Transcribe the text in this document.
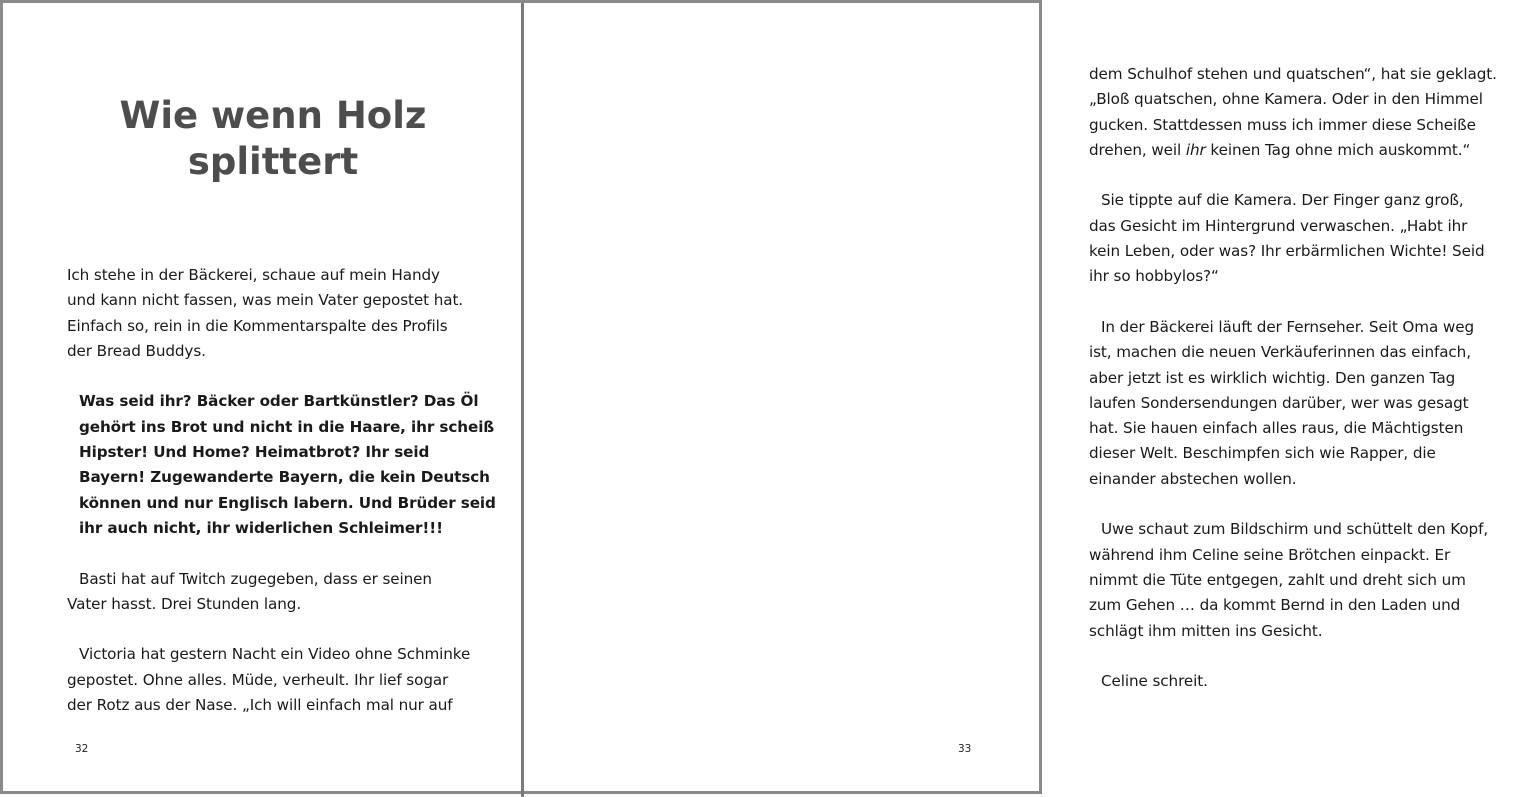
Wie wenn Holz
splittert

Ich stehe in der Bäckerei, schaue auf mein Handy

und kann nicht fassen, was mein Vater gepostet hat.

Einfach so, rein in die Kommentarspalte des Profils

der Bread Buddys.

Was seid ihr? Bäcker oder Bartkünstler? Das Öl

gehört ins Brot und nicht in die Haare, ihr scheiß

Hipster! Und Home? Heimatbrot? Ihr seid

Bayern! Zugewanderte Bayern, die kein Deutsch

können und nur Englisch labern. Und Brüder seid

ihr auch nicht, ihr widerlichen Schleimer!!!

Basti hat auf Twitch zugegeben, dass er seinen

Vater hasst. Drei Stunden lang.

Victoria hat gestern Nacht ein Video ohne Schminke

gepostet. Ohne alles. Müde, verheult. Ihr lief sogar

der Rotz aus der Nase. „Ich will einfach mal nur auf

32

dem Schulhof stehen und quatschen“, hat sie geklagt.

„Bloß quatschen, ohne Kamera. Oder in den Himmel

gucken. Stattdessen muss ich immer diese Scheiße

drehen, weil ihr keinen Tag ohne mich auskommt.“

Sie tippte auf die Kamera. Der Finger ganz groß,

das Gesicht im Hintergrund verwaschen. „Habt ihr

kein Leben, oder was? Ihr erbärmlichen Wichte! Seid

ihr so hobbylos?“

In der Bäckerei läuft der Fernseher. Seit Oma weg

ist, machen die neuen Verkäuferinnen das einfach,

aber jetzt ist es wirklich wichtig. Den ganzen Tag

laufen Sondersendungen darüber, wer was gesagt

hat. Sie hauen einfach alles raus, die Mächtigsten

dieser Welt. Beschimpfen sich wie Rapper, die

einander abstechen wollen.

Uwe schaut zum Bildschirm und schüttelt den Kopf,

während ihm Celine seine Brötchen einpackt. Er

nimmt die Tüte entgegen, zahlt und dreht sich um

zum Gehen … da kommt Bernd in den Laden und

schlägt ihm mitten ins Gesicht.

Celine schreit.

33
